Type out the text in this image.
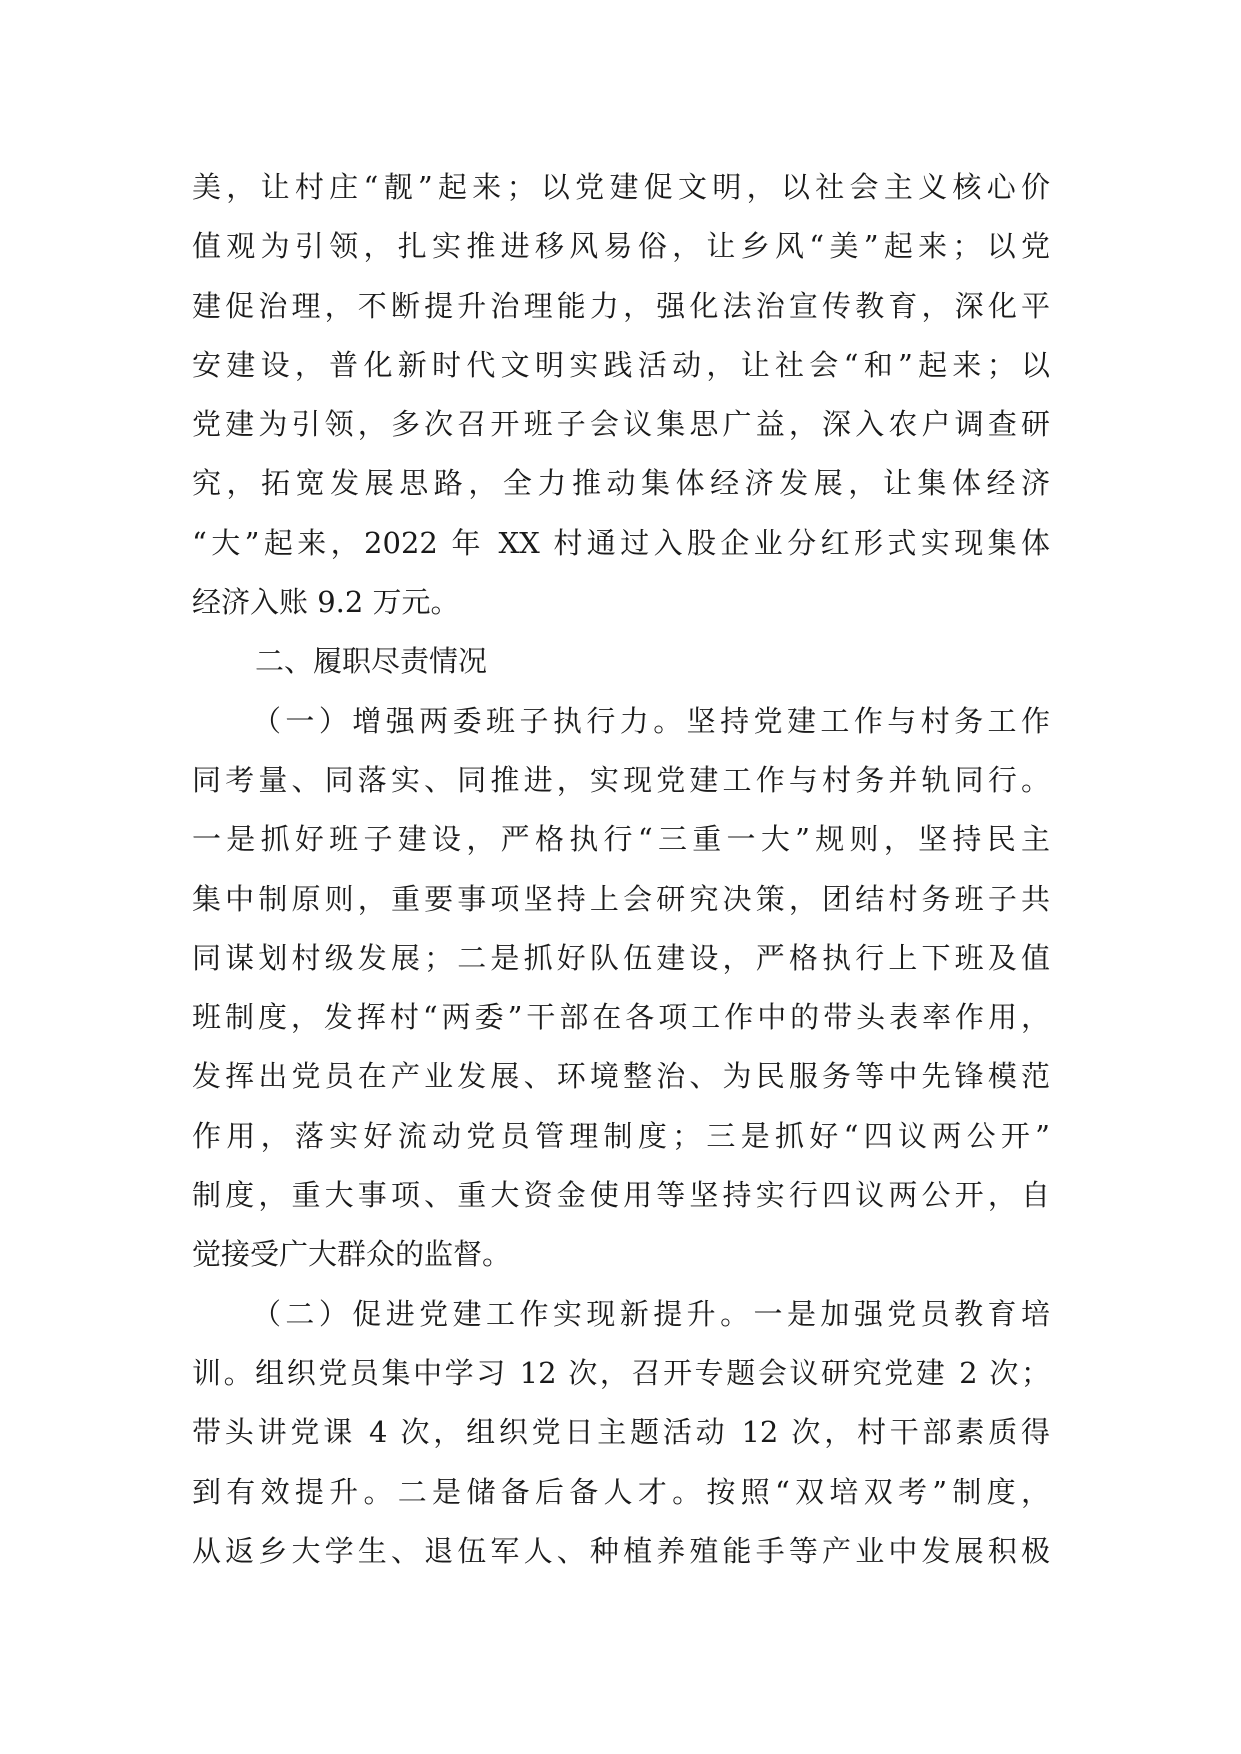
美，让村庄“靓”起来；以党建促文明，以社会主义核心价
值观为引领，扎实推进移风易俗，让乡风“美”起来；以党
建促治理，不断提升治理能力，强化法治宣传教育，深化平
安建设，普化新时代文明实践活动，让社会“和”起来；以
党建为引领，多次召开班子会议集思广益，深入农户调查研
究，拓宽发展思路，全力推动集体经济发展，让集体经济
“大”起来，2022 年 XX 村通过入股企业分红形式实现集体
经济入账 9.2 万元。
二、履职尽责情况
（一）增强两委班子执行力。坚持党建工作与村务工作
同考量、同落实、同推进，实现党建工作与村务并轨同行。
一是抓好班子建设，严格执行“三重一大”规则，坚持民主
集中制原则，重要事项坚持上会研究决策，团结村务班子共
同谋划村级发展；二是抓好队伍建设，严格执行上下班及值
班制度，发挥村“两委”干部在各项工作中的带头表率作用，
发挥出党员在产业发展、环境整治、为民服务等中先锋模范
作用，落实好流动党员管理制度；三是抓好“四议两公开”
制度，重大事项、重大资金使用等坚持实行四议两公开，自
觉接受广大群众的监督。
（二）促进党建工作实现新提升。一是加强党员教育培
训。组织党员集中学习 12 次，召开专题会议研究党建 2 次；
带头讲党课 4 次，组织党日主题活动 12 次，村干部素质得
到有效提升。二是储备后备人才。按照“双培双考”制度，
从返乡大学生、退伍军人、种植养殖能手等产业中发展积极
